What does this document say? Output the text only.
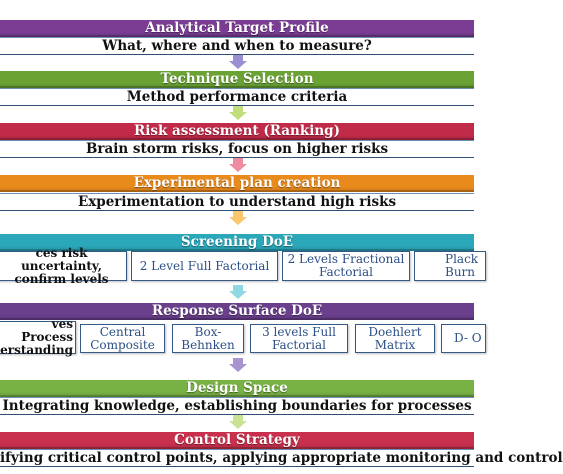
Analytical Target Profile
What, where and when to measure?
Technique Selection
Method performance criteria
Risk assessment (Ranking)
Brain storm risks, focus on higher risks
Experimental plan creation
Experimentation to understand high risks
Screening DoE
ces risk uncertainty, confirm levels
2 Level Full Factorial 2 Levels Fractional Factorial
Plack Burn
Response Surface DoE
ves Process erstanding
Central Composite
Box-Behnken
3 levels Full Factorial
Doehlert Matrix	D- O
Design Space
Integrating knowledge, establishing boundaries for processes
Control Strategy
ifying critical control points, applying appropriate monitoring and control
